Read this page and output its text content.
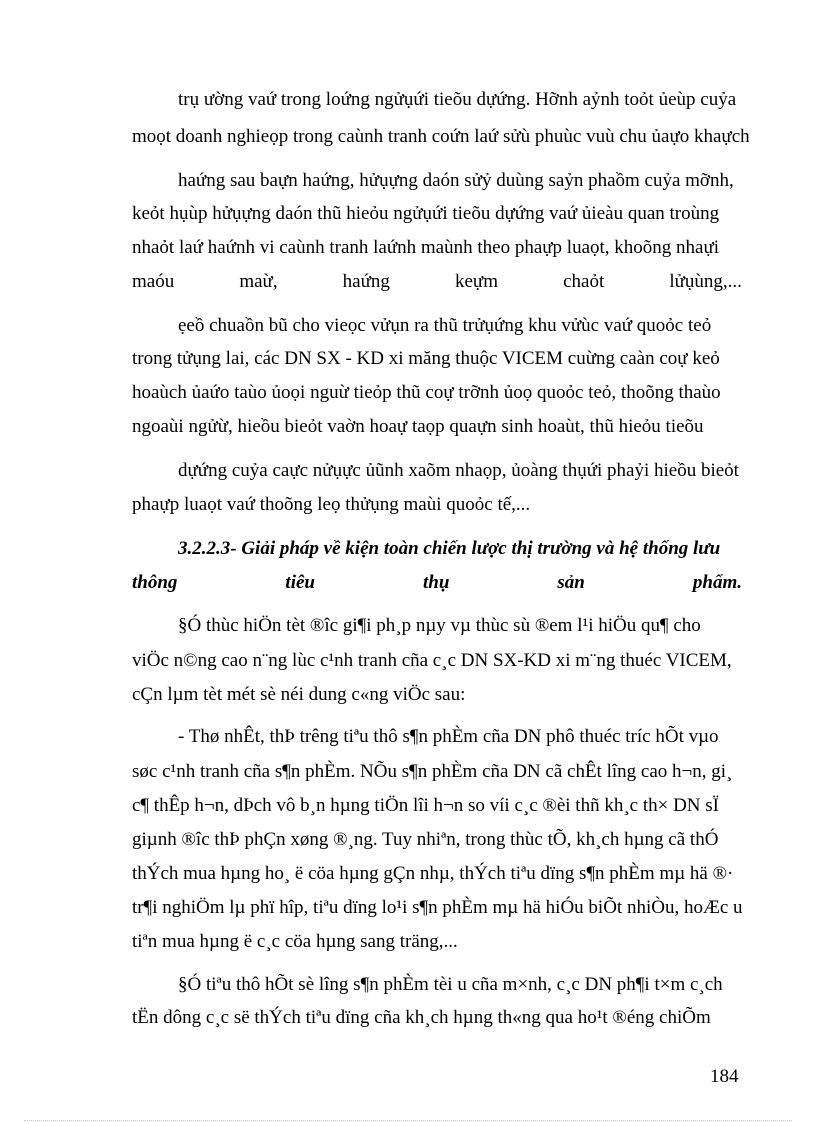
trụ ường vaứ trong loứng ngửụứi tieõu dựứng. Hỡnh aỷnh toỏt ủeùp cuỷa
moọt doanh nghieọp trong caùnh tranh coứn laứ sửù phuùc vuù chu ủaựo khaựch
haứng sau baựn haứng, hửụựng daón sửỷ duùng saỷn phaồm cuỷa mỡnh,
keỏt hụùp hửụựng daón thũ hieỏu ngửụứi tieõu dựứng vaứ ủieàu quan troùng
nhaỏt laứ haứnh vi caùnh tranh laứnh maùnh theo phaựp luaọt, khoõng nhaựi
maóu	maừ,	haứng	keựm	chaỏt	lửụùng,...
ẹeồ chuaồn bũ cho vieọc vửụn ra thũ trửụứng khu vửùc vaứ quoỏc teỏ
trong tửụng lai, các DN SX - KD xi măng thuộc VICEM cuừng caàn coự keỏ
hoaùch ủaứo taùo ủoọi nguừ tieỏp thũ coự trỡnh ủoọ quoỏc teỏ, thoõng thaùo
ngoaùi ngửừ, hieồu bieỏt vaờn hoaự taọp quaựn sinh hoaùt, thũ hieỏu tieõu
dựứng cuỷa caực nửụực ủũnh xaõm nhaọp, ủoàng thụứi phaỷi hieồu bieỏt
phaựp luaọt vaứ thoõng leọ thửụng maùi quoỏc tế,...
3.2.2.3- Giải pháp về kiện toàn chiến lược thị trường và hệ thống lưu
thông	tiêu	thụ	sản	phẩm.
§Ó thùc hiÖn tèt ®îc gi¶i ph¸p nµy vµ thùc sù ®em l¹i hiÖu qu¶ cho
viÖc n©ng cao n¨ng lùc c¹nh tranh cña c¸c DN SX-KD xi m¨ng thuéc VICEM,
cÇn lµm tèt mét sè néi dung c«ng viÖc sau:
- Thø nhÊt, thÞ trêng tiªu thô s¶n phÈm cña DN phô thuéc tríc hÕt vµo
søc c¹nh tranh cña s¶n phÈm. NÕu s¶n phÈm cña DN cã chÊt lîng cao h¬n, gi¸
c¶ thÊp h¬n, dÞch vô b¸n hµng tiÖn lîi h¬n so víi c¸c ®èi thñ kh¸c th× DN sÏ
giµnh ®îc thÞ phÇn xøng ®¸ng. Tuy nhiªn, trong thùc tÕ, kh¸ch hµng cã thÓ
thÝch mua hµng ho¸ ë cöa hµng gÇn nhµ, thÝch tiªu dïng s¶n phÈm mµ hä ®·
tr¶i nghiÖm lµ phï hîp, tiªu dïng lo¹i s¶n phÈm mµ hä hiÓu biÕt nhiÒu, hoÆc u
tiªn mua hµng ë c¸c cöa hµng sang träng,...
§Ó tiªu thô hÕt sè lîng s¶n phÈm tèi u cña m×nh, c¸c DN ph¶i t×m c¸ch
tËn dông c¸c së thÝch tiªu dïng cña kh¸ch hµng th«ng qua ho¹t ®éng chiÕm
184
